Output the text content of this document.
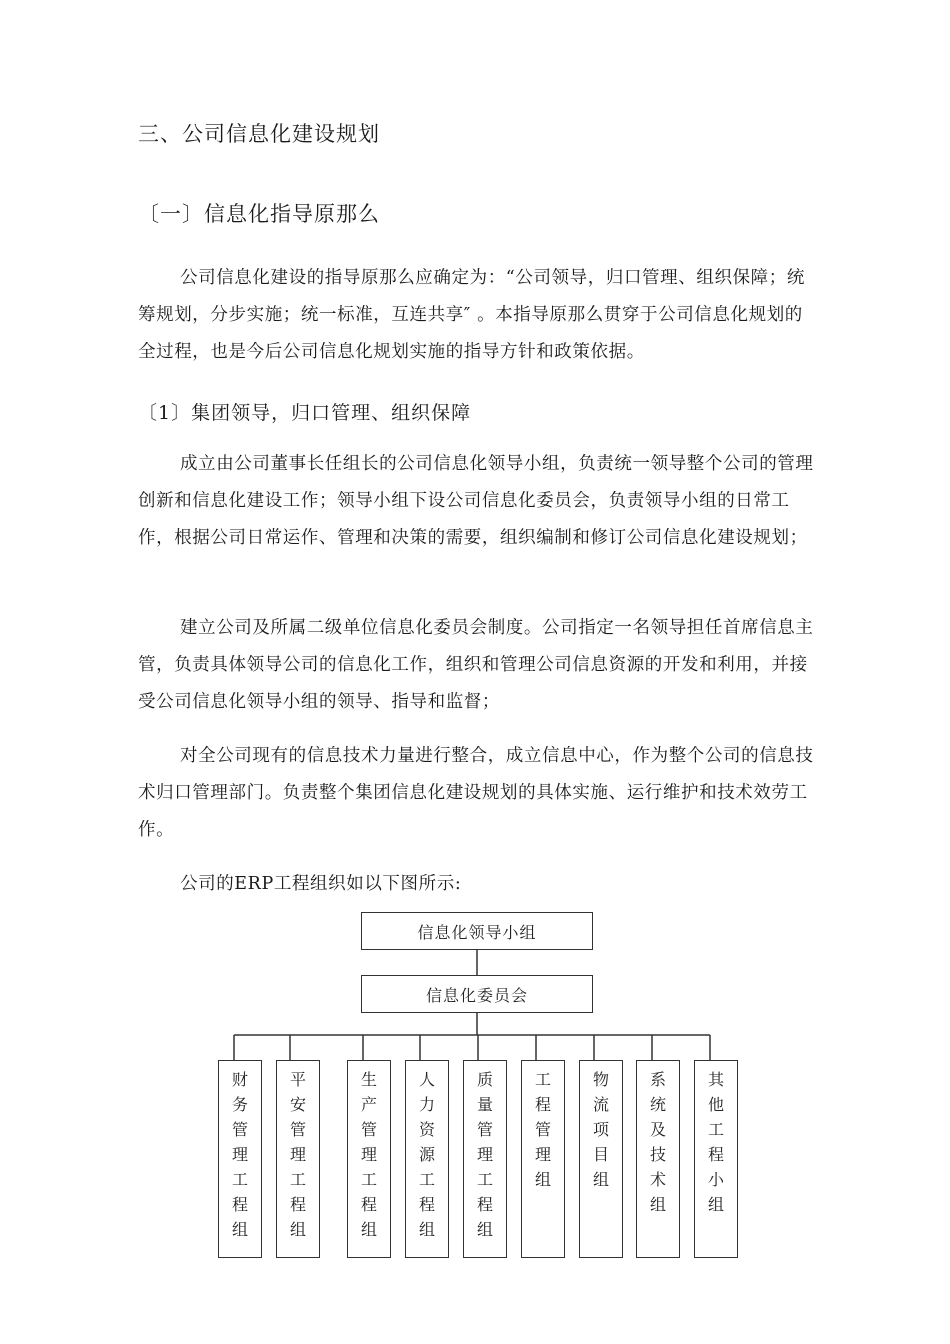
三、公司信息化建设规划
〔一〕信息化指导原那么

公司信息化建设的指导原那么应确定为：“公司领导，归口管理、组织保障；统筹规划，分步实施；统一标准，互连共享″ 。本指导原那么贯穿于公司信息化规划的全过程，也是今后公司信息化规划实施的指导方针和政策依据。

〔1〕集团领导，归口管理、组织保障

成立由公司董事长任组长的公司信息化领导小组，负责统一领导整个公司的管理创新和信息化建设工作；领导小组下设公司信息化委员会，负责领导小组的日常工作，根据公司日常运作、管理和决策的需要，组织编制和修订公司信息化建设规划；

建立公司及所属二级单位信息化委员会制度。公司指定一名领导担任首席信息主管，负责具体领导公司的信息化工作，组织和管理公司信息资源的开发和利用，并接受公司信息化领导小组的领导、指导和监督；

对全公司现有的信息技术力量进行整合，成立信息中心，作为整个公司的信息技术归口管理部门。负责整个集团信息化建设规划的具体实施、运行维护和技术效劳工作。

公司的ERP工程组织如以下图所示:

信息化领导小组
信息化委员会
财务管理工程组
平安管理工程组
生产管理工程组
人力资源工程组
质量管理工程组
工程管理组
物流项目组
系统及技术组
其他工程小组
